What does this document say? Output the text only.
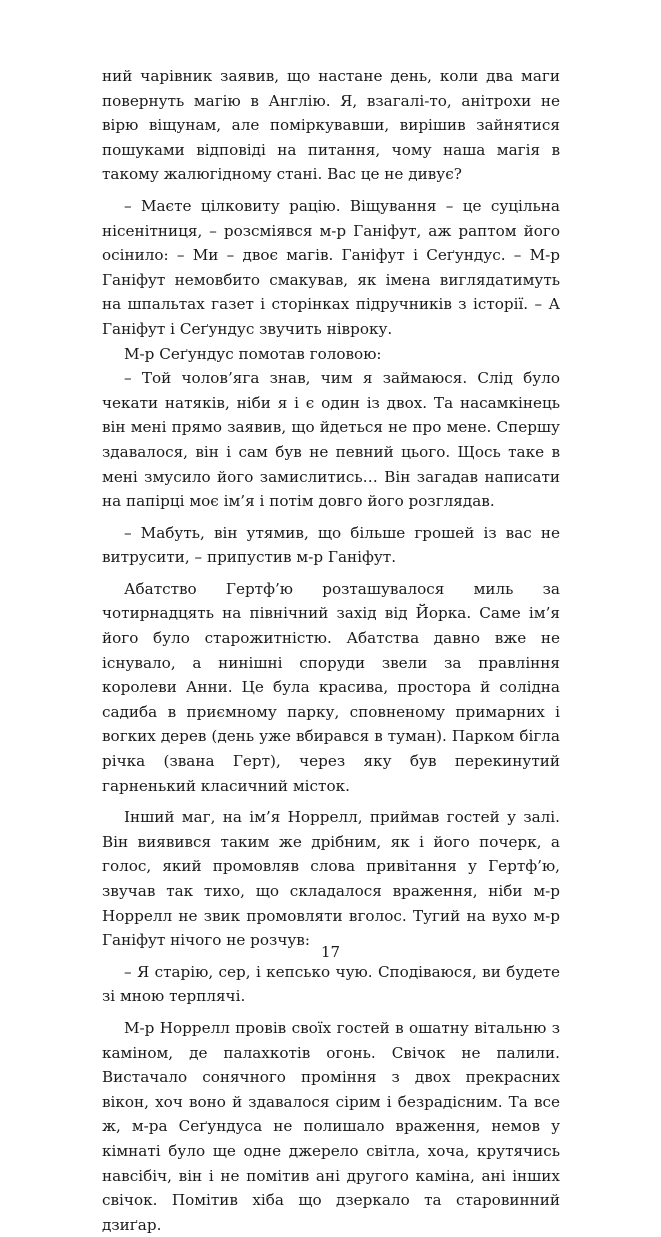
ний чарівник заявив, що настане день, коли два маги повернуть магію в Англію. Я, взагалі-то, анітрохи не вірю віщунам, але поміркувавши, вирішив зайнятися пошуками відповіді на питання, чому наша магія в такому жалюгідному стані. Вас це не дивує?

– Маєте цілковиту рацію. Віщування – це суцільна нісенітниця, – розсміявся м-р Ганіфут, аж раптом його осінило: – Ми – двоє магів. Ганіфут і Сеґундус. – М-р Ганіфут немовбито смакував, як імена виглядатимуть на шпальтах газет і сторінках підручників з історії. – А Ганіфут і Сеґундус звучить нівроку.

М-р Сеґундус помотав головою:

– Той чолов’яга знав, чим я займаюся. Слід було чекати натяків, ніби я і є один із двох. Та насамкінець він мені прямо заявив, що йдеться не про мене. Спершу здавалося, він і сам був не певний цього. Щось таке в мені змусило його замислитись… Він загадав написати на папірці моє ім’я і потім довго його розглядав.

– Мабуть, він утямив, що більше грошей із вас не витрусити, – припустив м-р Ганіфут.

Абатство Гертф’ю розташувалося миль за чотирнадцять на північний захід від Йорка. Саме ім’я його було старожитністю. Абатства давно вже не існувало, а нинішні споруди звели за правління королеви Анни. Це була красива, простора й солідна садиба в приємному парку, сповненому примарних і вогких дерев (день уже вбирався в туман). Парком бігла річка (звана Герт), через яку був перекинутий гарненький класичний місток.

Інший маг, на ім’я Норрелл, приймав гостей у залі. Він виявився таким же дрібним, як і його почерк, а голос, який промовляв слова привітання у Гертф’ю, звучав так тихо, що складалося враження, ніби м-р Норрелл не звик промовляти вголос. Тугий на вухо м-р Ганіфут нічого не розчув:

– Я старію, сер, і кепсько чую. Сподіваюся, ви будете зі мною терплячі.

М-р Норрелл провів своїх гостей в ошатну вітальню з каміном, де палахкотів огонь. Свічок не палили. Вистачало сонячного проміння з двох прекрасних вікон, хоч воно й здавалося сірим і безрадісним. Та все ж, м-ра Сеґундуса не полишало враження, немов у кімнаті було ще одне джерело світла, хоча, крутячись навсібіч, він і не помітив ані другого каміна, ані інших свічок. Помітив хіба що дзеркало та старовинний дзиґар.

17
